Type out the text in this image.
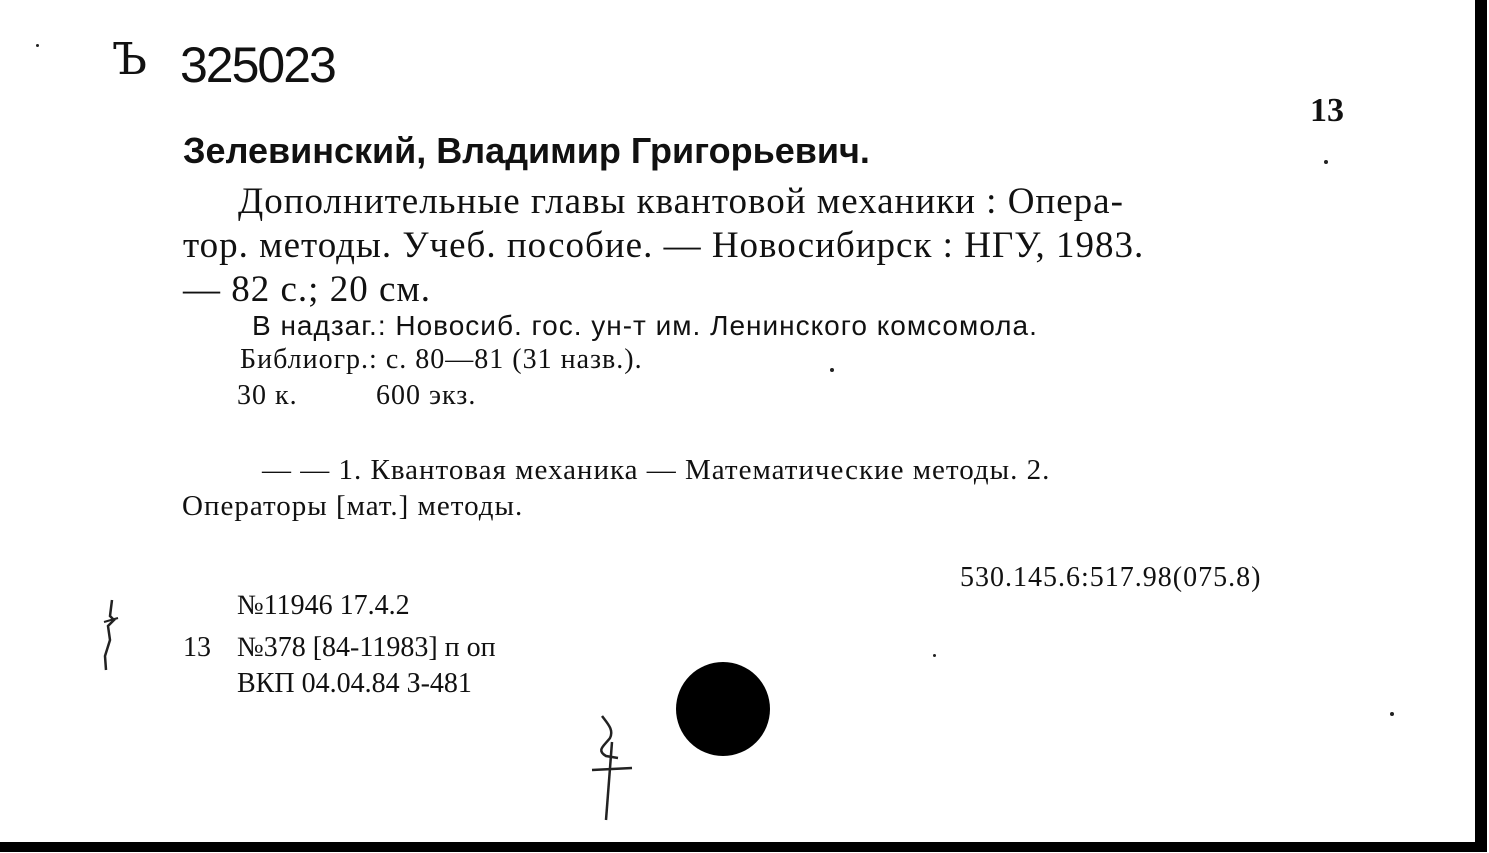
Ъ 325023
13
Зелевинский, Владимир Григорьевич.
Дополнительные главы квантовой механики : Опера-
тор. методы. Учеб. пособие. — Новосибирск : НГУ, 1983.
— 82 с.; 20 см.
В надзаг.: Новосиб. гос. ун-т им. Ленинского комсомола.
Библиогр.: с. 80—81 (31 назв.).
30 к.	600 экз.
— — 1. Квантовая механика — Математические методы. 2.
Операторы [мат.] методы.
530.145.6:517.98(075.8)
№11946 17.4.2
13 №378 [84-11983] п оп
ВКП 04.04.84 З-481
